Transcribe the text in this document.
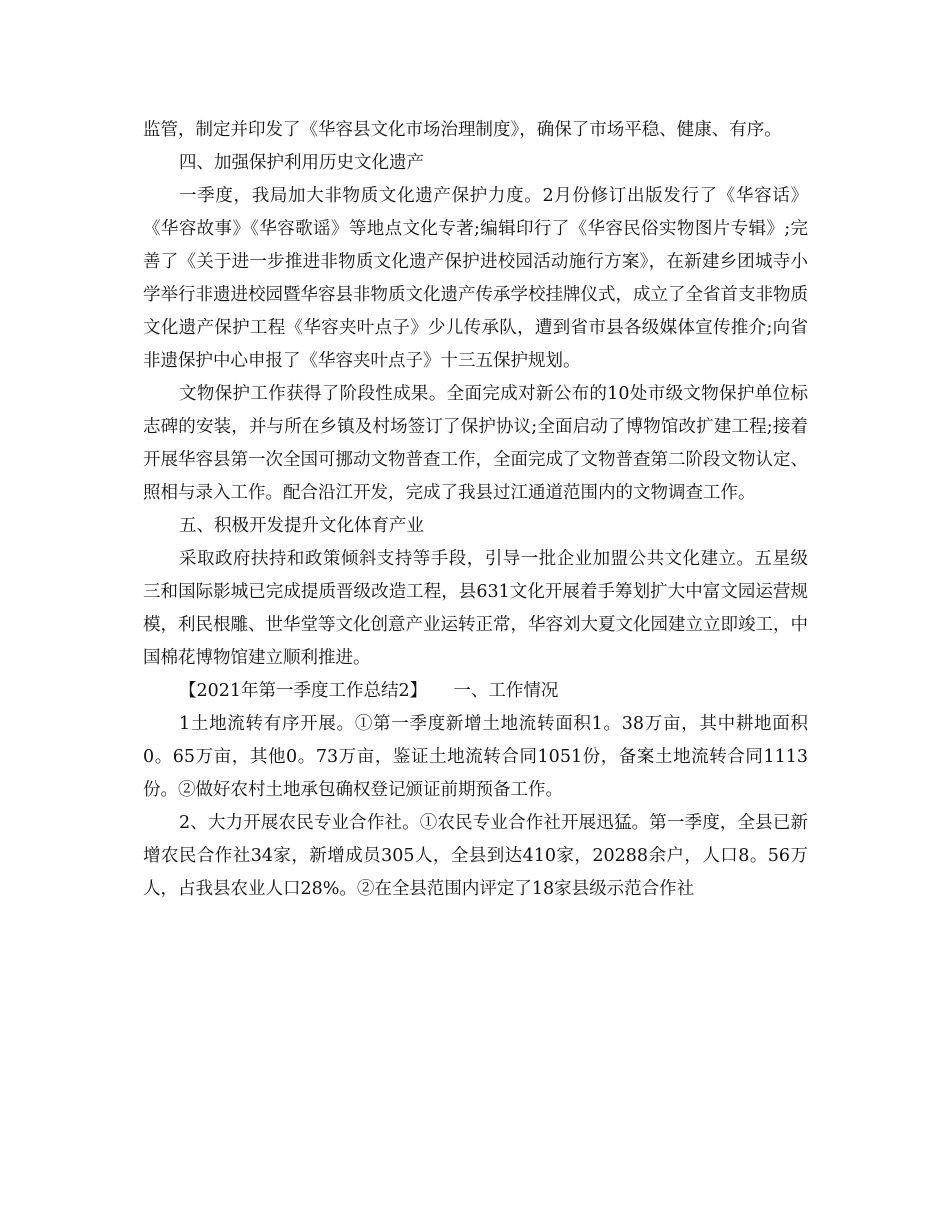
监管，制定并印发了《华容县文化市场治理制度》，确保了市场平稳、健康、有序。

四、加强保护利用历史文化遗产

一季度，我局加大非物质文化遗产保护力度。2月份修订出版发行了《华容话》《华容故事》《华容歌谣》等地点文化专著;编辑印行了《华容民俗实物图片专辑》;完善了《关于进一步推进非物质文化遗产保护进校园活动施行方案》，在新建乡团城寺小学举行非遗进校园暨华容县非物质文化遗产传承学校挂牌仪式，成立了全省首支非物质文化遗产保护工程《华容夹叶点子》少儿传承队，遭到省市县各级媒体宣传推介;向省非遗保护中心申报了《华容夹叶点子》十三五保护规划。

文物保护工作获得了阶段性成果。全面完成对新公布的10处市级文物保护单位标志碑的安装，并与所在乡镇及村场签订了保护协议;全面启动了博物馆改扩建工程;接着开展华容县第一次全国可挪动文物普查工作，全面完成了文物普查第二阶段文物认定、照相与录入工作。配合沿江开发，完成了我县过江通道范围内的文物调查工作。

五、积极开发提升文化体育产业

采取政府扶持和政策倾斜支持等手段，引导一批企业加盟公共文化建立。五星级三和国际影城已完成提质晋级改造工程，县631文化开展着手筹划扩大中富文园运营规模，利民根雕、世华堂等文化创意产业运转正常，华容刘大夏文化园建立立即竣工，中国棉花博物馆建立顺利推进。

【2021年第一季度工作总结2】　　一、工作情况

1土地流转有序开展。①第一季度新增土地流转面积1。38万亩，其中耕地面积0。65万亩，其他0。73万亩，鉴证土地流转合同1051份，备案土地流转合同1113份。②做好农村土地承包确权登记颁证前期预备工作。

2、大力开展农民专业合作社。①农民专业合作社开展迅猛。第一季度，全县已新增农民合作社34家，新增成员305人，全县到达410家，20288余户，人口8。56万人，占我县农业人口28%。②在全县范围内评定了18家县级示范合作社
